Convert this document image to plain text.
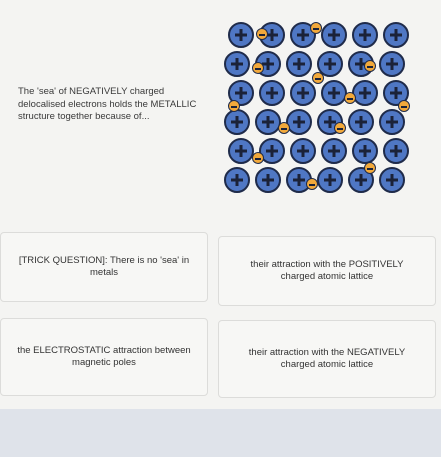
The 'sea' of NEGATIVELY charged
delocalised electrons holds the METALLIC
structure together because of...
[TRICK QUESTION]: There is no 'sea' in
metals
their attraction with the POSITIVELY
charged atomic lattice
the ELECTROSTATIC attraction between
magnetic poles
their attraction with the NEGATIVELY
charged atomic lattice
